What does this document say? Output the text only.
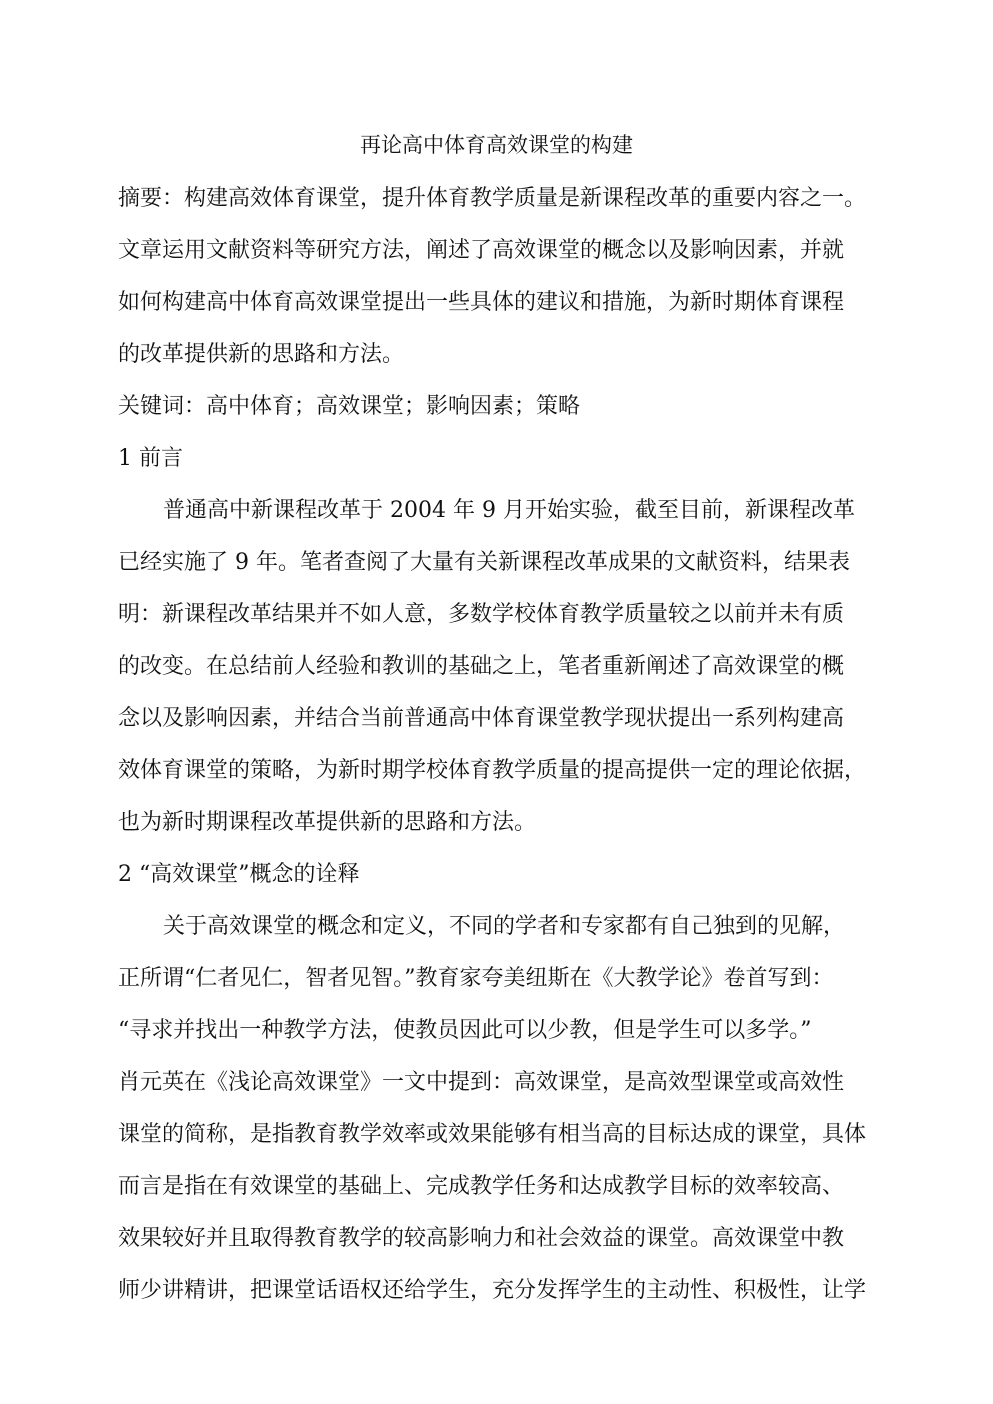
再论高中体育高效课堂的构建
摘要：构建高效体育课堂，提升体育教学质量是新课程改革的重要内容之一。
文章运用文献资料等研究方法，阐述了高效课堂的概念以及影响因素，并就
如何构建高中体育高效课堂提出一些具体的建议和措施，为新时期体育课程
的改革提供新的思路和方法。
关键词：高中体育；高效课堂；影响因素；策略
1 前言
普通高中新课程改革于 2004 年 9 月开始实验，截至目前，新课程改革
已经实施了 9 年。笔者查阅了大量有关新课程改革成果的文献资料，结果表
明：新课程改革结果并不如人意，多数学校体育教学质量较之以前并未有质
的改变。在总结前人经验和教训的基础之上，笔者重新阐述了高效课堂的概
念以及影响因素，并结合当前普通高中体育课堂教学现状提出一系列构建高
效体育课堂的策略，为新时期学校体育教学质量的提高提供一定的理论依据，
也为新时期课程改革提供新的思路和方法。
2 “高效课堂”概念的诠释
关于高效课堂的概念和定义，不同的学者和专家都有自己独到的见解，
正所谓“仁者见仁，智者见智。”教育家夸美纽斯在《大教学论》卷首写到：
“寻求并找出一种教学方法，使教员因此可以少教，但是学生可以多学。”
肖元英在《浅论高效课堂》一文中提到：高效课堂，是高效型课堂或高效性
课堂的简称，是指教育教学效率或效果能够有相当高的目标达成的课堂，具体
而言是指在有效课堂的基础上、完成教学任务和达成教学目标的效率较高、
效果较好并且取得教育教学的较高影响力和社会效益的课堂。高效课堂中教
师少讲精讲，把课堂话语权还给学生，充分发挥学生的主动性、积极性，让学
